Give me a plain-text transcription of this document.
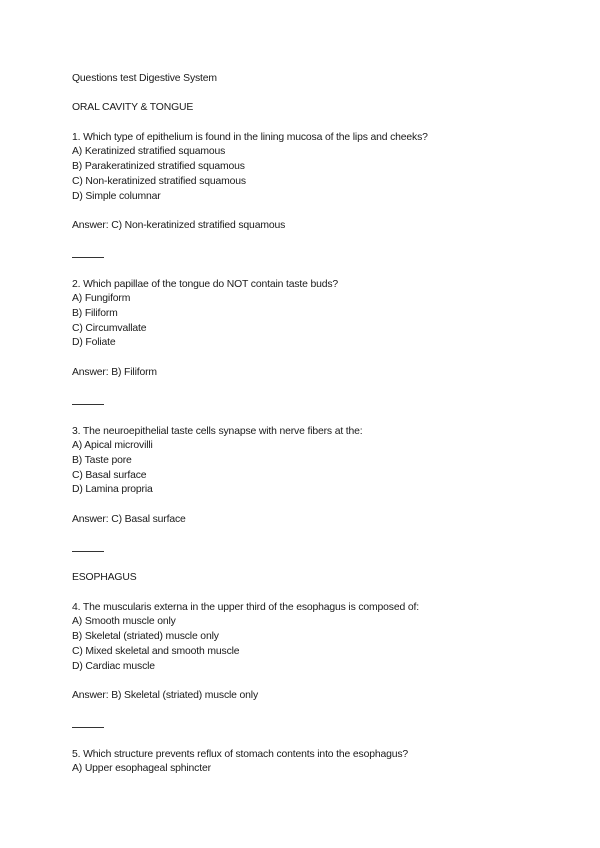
Questions test Digestive System
ORAL CAVITY & TONGUE
1. Which type of epithelium is found in the lining mucosa of the lips and cheeks?
A) Keratinized stratified squamous
B) Parakeratinized stratified squamous
C) Non-keratinized stratified squamous
D) Simple columnar
Answer: C) Non-keratinized stratified squamous
2. Which papillae of the tongue do NOT contain taste buds?
A) Fungiform
B) Filiform
C) Circumvallate
D) Foliate
Answer: B) Filiform
3. The neuroepithelial taste cells synapse with nerve fibers at the:
A) Apical microvilli
B) Taste pore
C) Basal surface
D) Lamina propria
Answer: C) Basal surface
ESOPHAGUS
4. The muscularis externa in the upper third of the esophagus is composed of:
A) Smooth muscle only
B) Skeletal (striated) muscle only
C) Mixed skeletal and smooth muscle
D) Cardiac muscle
Answer: B) Skeletal (striated) muscle only
5. Which structure prevents reflux of stomach contents into the esophagus?
A) Upper esophageal sphincter
